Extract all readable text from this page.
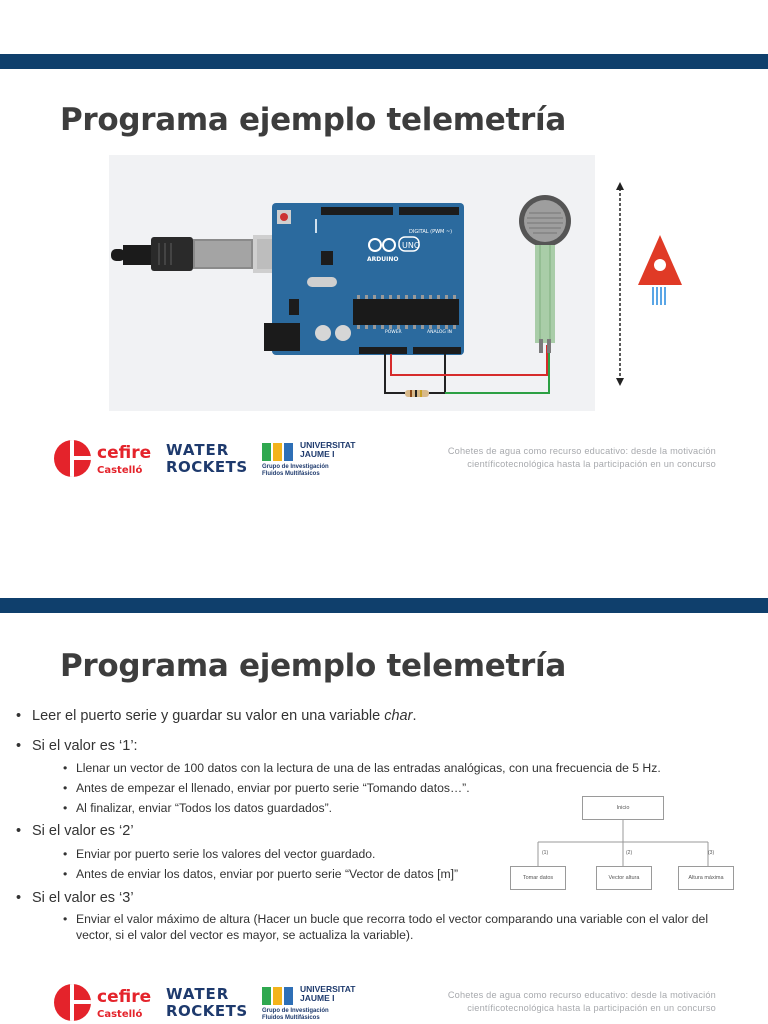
Programa ejemplo telemetría
DIGITAL (PWM ~)
UNO
ARDUINO
POWER	ANALOG IN
cefire
Castelló
WATER
ROCKETS
UNIVERSITAT
JAUME I
Grupo de Investigación
Fluidos Multifásicos
Cohetes de agua como recurso educativo: desde la motivación
científicotecnológica hasta la participación en un concurso
Programa ejemplo telemetría
• Leer el puerto serie y guardar su valor en una variable char.
• Si el valor es ‘1’:
• Llenar un vector de 100 datos con la lectura de una de las entradas analógicas, con una frecuencia de 5 Hz.
• Antes de empezar el llenado, enviar por puerto serie “Tomando datos…”.
• Al finalizar, enviar “Todos los datos guardados”.
• Si el valor es ‘2’
• Enviar por puerto serie los valores del vector guardado.
• Antes de enviar los datos, enviar por puerto serie “Vector de datos [m]”
• Si el valor es ‘3’
• Enviar el valor máximo de altura (Hacer un bucle que recorra todo el vector comparando una variable con el valor del vector, si el valor del vector es mayor, se actualiza la variable).
Inicio
(1)	(2)	(3)
Tomar datos	Vector altura	Altura máxima
cefire
Castelló
WATER
ROCKETS
UNIVERSITAT
JAUME I
Grupo de Investigación
Fluidos Multifásicos
Cohetes de agua como recurso educativo: desde la motivación
científicotecnológica hasta la participación en un concurso
